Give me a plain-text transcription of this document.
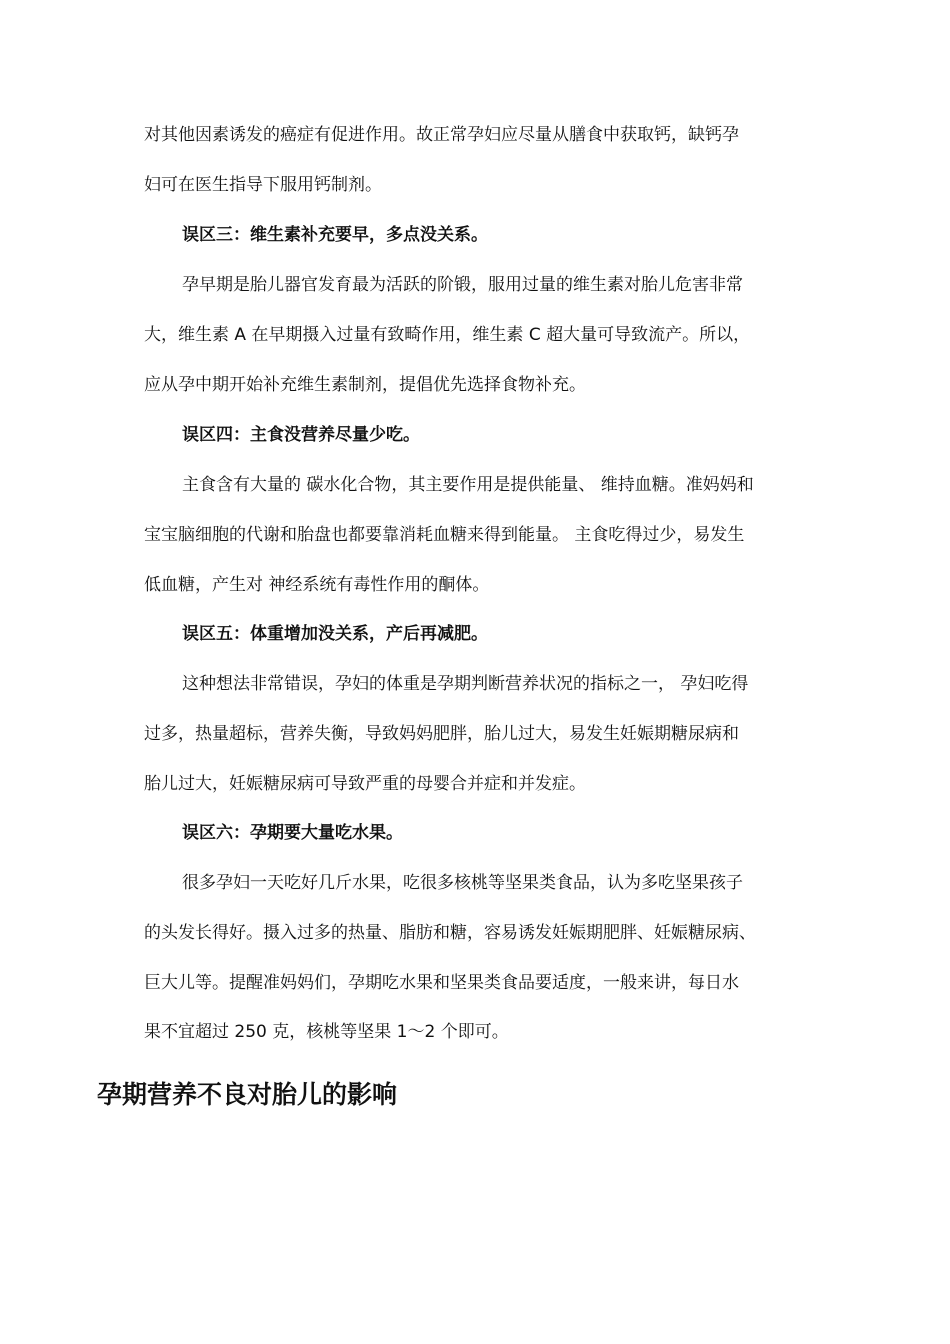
对其他因素诱发的癌症有促进作用。故正常孕妇应尽量从膳食中获取钙，缺钙孕
妇可在医生指导下服用钙制剂。
误区三：维生素补充要早，多点没关系。
孕早期是胎儿器官发育最为活跃的阶锻，服用过量的维生素对胎儿危害非常
大，维生素 A 在早期摄入过量有致畸作用，维生素 C 超大量可导致流产。所以，
应从孕中期开始补充维生素制剂，提倡优先选择食物补充。
误区四：主食没营养尽量少吃。
主食含有大量的 碳水化合物，其主要作用是提供能量、 维持血糖。准妈妈和
宝宝脑细胞的代谢和胎盘也都要靠消耗血糖来得到能量。 主食吃得过少，易发生
低血糖，产生对 神经系统有毒性作用的酮体。
误区五：体重增加没关系，产后再减肥。
这种想法非常错误，孕妇的体重是孕期判断营养状况的指标之一， 孕妇吃得
过多，热量超标，营养失衡，导致妈妈肥胖，胎儿过大，易发生妊娠期糖尿病和
胎儿过大，妊娠糖尿病可导致严重的母婴合并症和并发症。
误区六：孕期要大量吃水果。
很多孕妇一天吃好几斤水果，吃很多核桃等坚果类食品，认为多吃坚果孩子
的头发长得好。摄入过多的热量、脂肪和糖，容易诱发妊娠期肥胖、妊娠糖尿病、
巨大儿等。提醒准妈妈们，孕期吃水果和坚果类食品要适度，一般来讲，每日水
果不宜超过 250 克，核桃等坚果 1～2 个即可。
孕期营养不良对胎儿的影响
